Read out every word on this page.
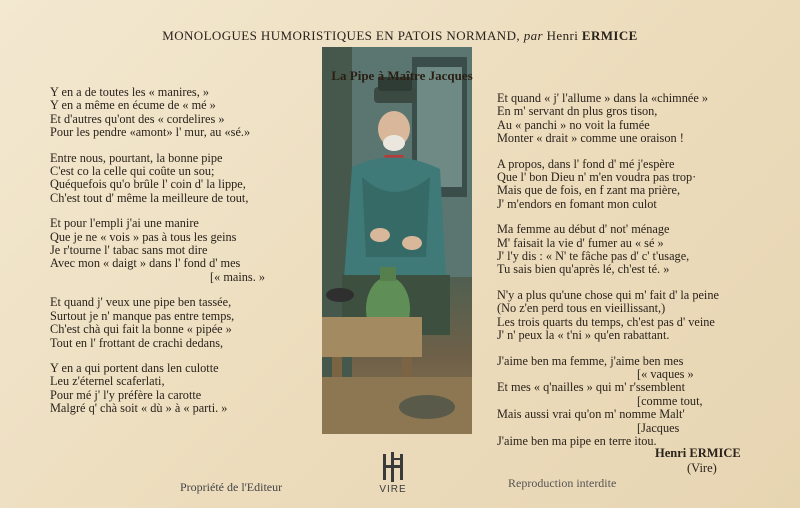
MONOLOGUES HUMORISTIQUES EN PATOIS NORMAND, par Henri ERMICE
La Pipe à Maître Jacques
Y en a de toutes les « manires, »
Y en a même en écume de « mé »
Et d'autres qu'ont des « cordelires »
Pour les pendre «amont» l' mur, au «sé.»
Entre nous, pourtant, la bonne pipe
C'est co la celle qui coûte un sou;
Quéquefois qu'o brûle l' coin d' la lippe,
Ch'est tout d' même la meilleure de tout,
Et pour l'empli j'ai une manire
Que je ne « vois » pas à tous les geins
Je r'tourne l' tabac sans mot dire
Avec mon « daigt » dans l' fond d' mes
[« mains. »
Et quand j' veux une pipe ben tassée,
Surtout je n' manque pas entre temps,
Ch'est chà qui fait la bonne « pipée »
Tout en l' frottant de crachi dedans,
Y en a qui portent dans len culotte
Leu z'éternel scaferlati,
Pour mé j' l'y préfère la carotte
Malgré q' chà soit « dù » à « parti. »
Et quand « j' l'allume » dans la «chimnée »
En m' servant dn plus gros tison,
Au « panchi » no voit la fumée
Monter « drait » comme une oraison !
A propos, dans l' fond d' mé j'espère
Que l' bon Dieu n' m'en voudra pas trop·
Mais que de fois, en f zant ma prière,
J' m'endors en fomant mon culot
Ma femme au début d' not' ménage
M' faisait la vie d' fumer au « sé »
J' l'y dis : « N' te fâche pas d' c' t'usage,
Tu sais bien qu'après lé, ch'est té. »
N'y a plus qu'une chose qui m' fait d' la peine
(No z'en perd tous en vieillissant,)
Les trois quarts du temps, ch'est pas d' veine
J' n' peux la « t'ni » qu'en rabattant.
J'aime ben ma femme, j'aime ben mes
[« vaques »
Et mes « q'nailles » qui m' r'ssemblent
[comme tout,
Mais aussi vrai qu'on m' nomme Malt'
[Jacques
J'aime ben ma pipe en terre itou.
Henri ERMICE
(Vire)
VIRE
Propriété de l'Editeur	Reproduction interdite
